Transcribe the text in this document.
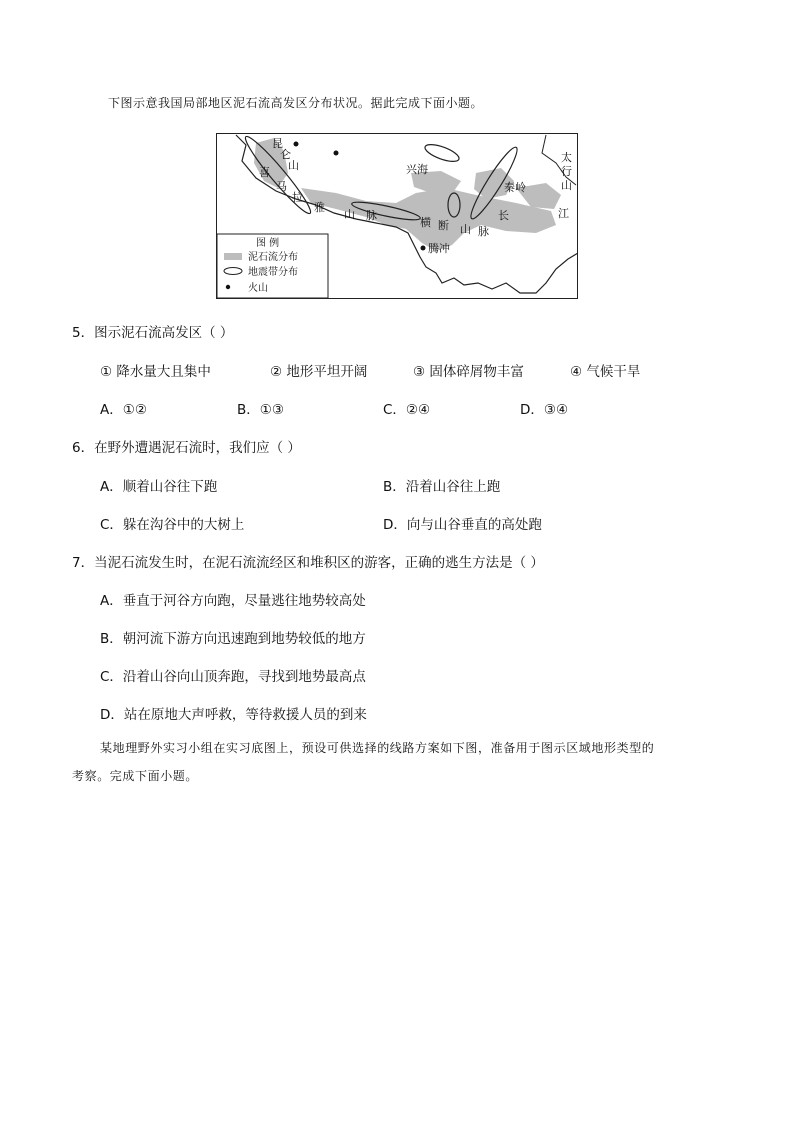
下图示意我国局部地区泥石流高发区分布状况。据此完成下面小题。
昆
仑
山
喜
马
拉
雅
山 脉
兴海
秦岭
太
行
山
横 断 山 脉
长	江
腾冲
图 例
泥石流分布
地震带分布
火山
5．图示泥石流高发区（ ）
① 降水量大且集中	② 地形平坦开阔	③ 固体碎屑物丰富	④ 气候干旱
A．①②	B．①③	C．②④	D．③④
6．在野外遭遇泥石流时，我们应（ ）
A．顺着山谷往下跑	B．沿着山谷往上跑
C．躲在沟谷中的大树上	D．向与山谷垂直的高处跑
7．当泥石流发生时，在泥石流流经区和堆积区的游客，正确的逃生方法是（ ）
A．垂直于河谷方向跑，尽量逃往地势较高处
B．朝河流下游方向迅速跑到地势较低的地方
C．沿着山谷向山顶奔跑，寻找到地势最高点
D．站在原地大声呼救，等待救援人员的到来
某地理野外实习小组在实习底图上，预设可供选择的线路方案如下图，准备用于图示区域地形类型的
考察。完成下面小题。
